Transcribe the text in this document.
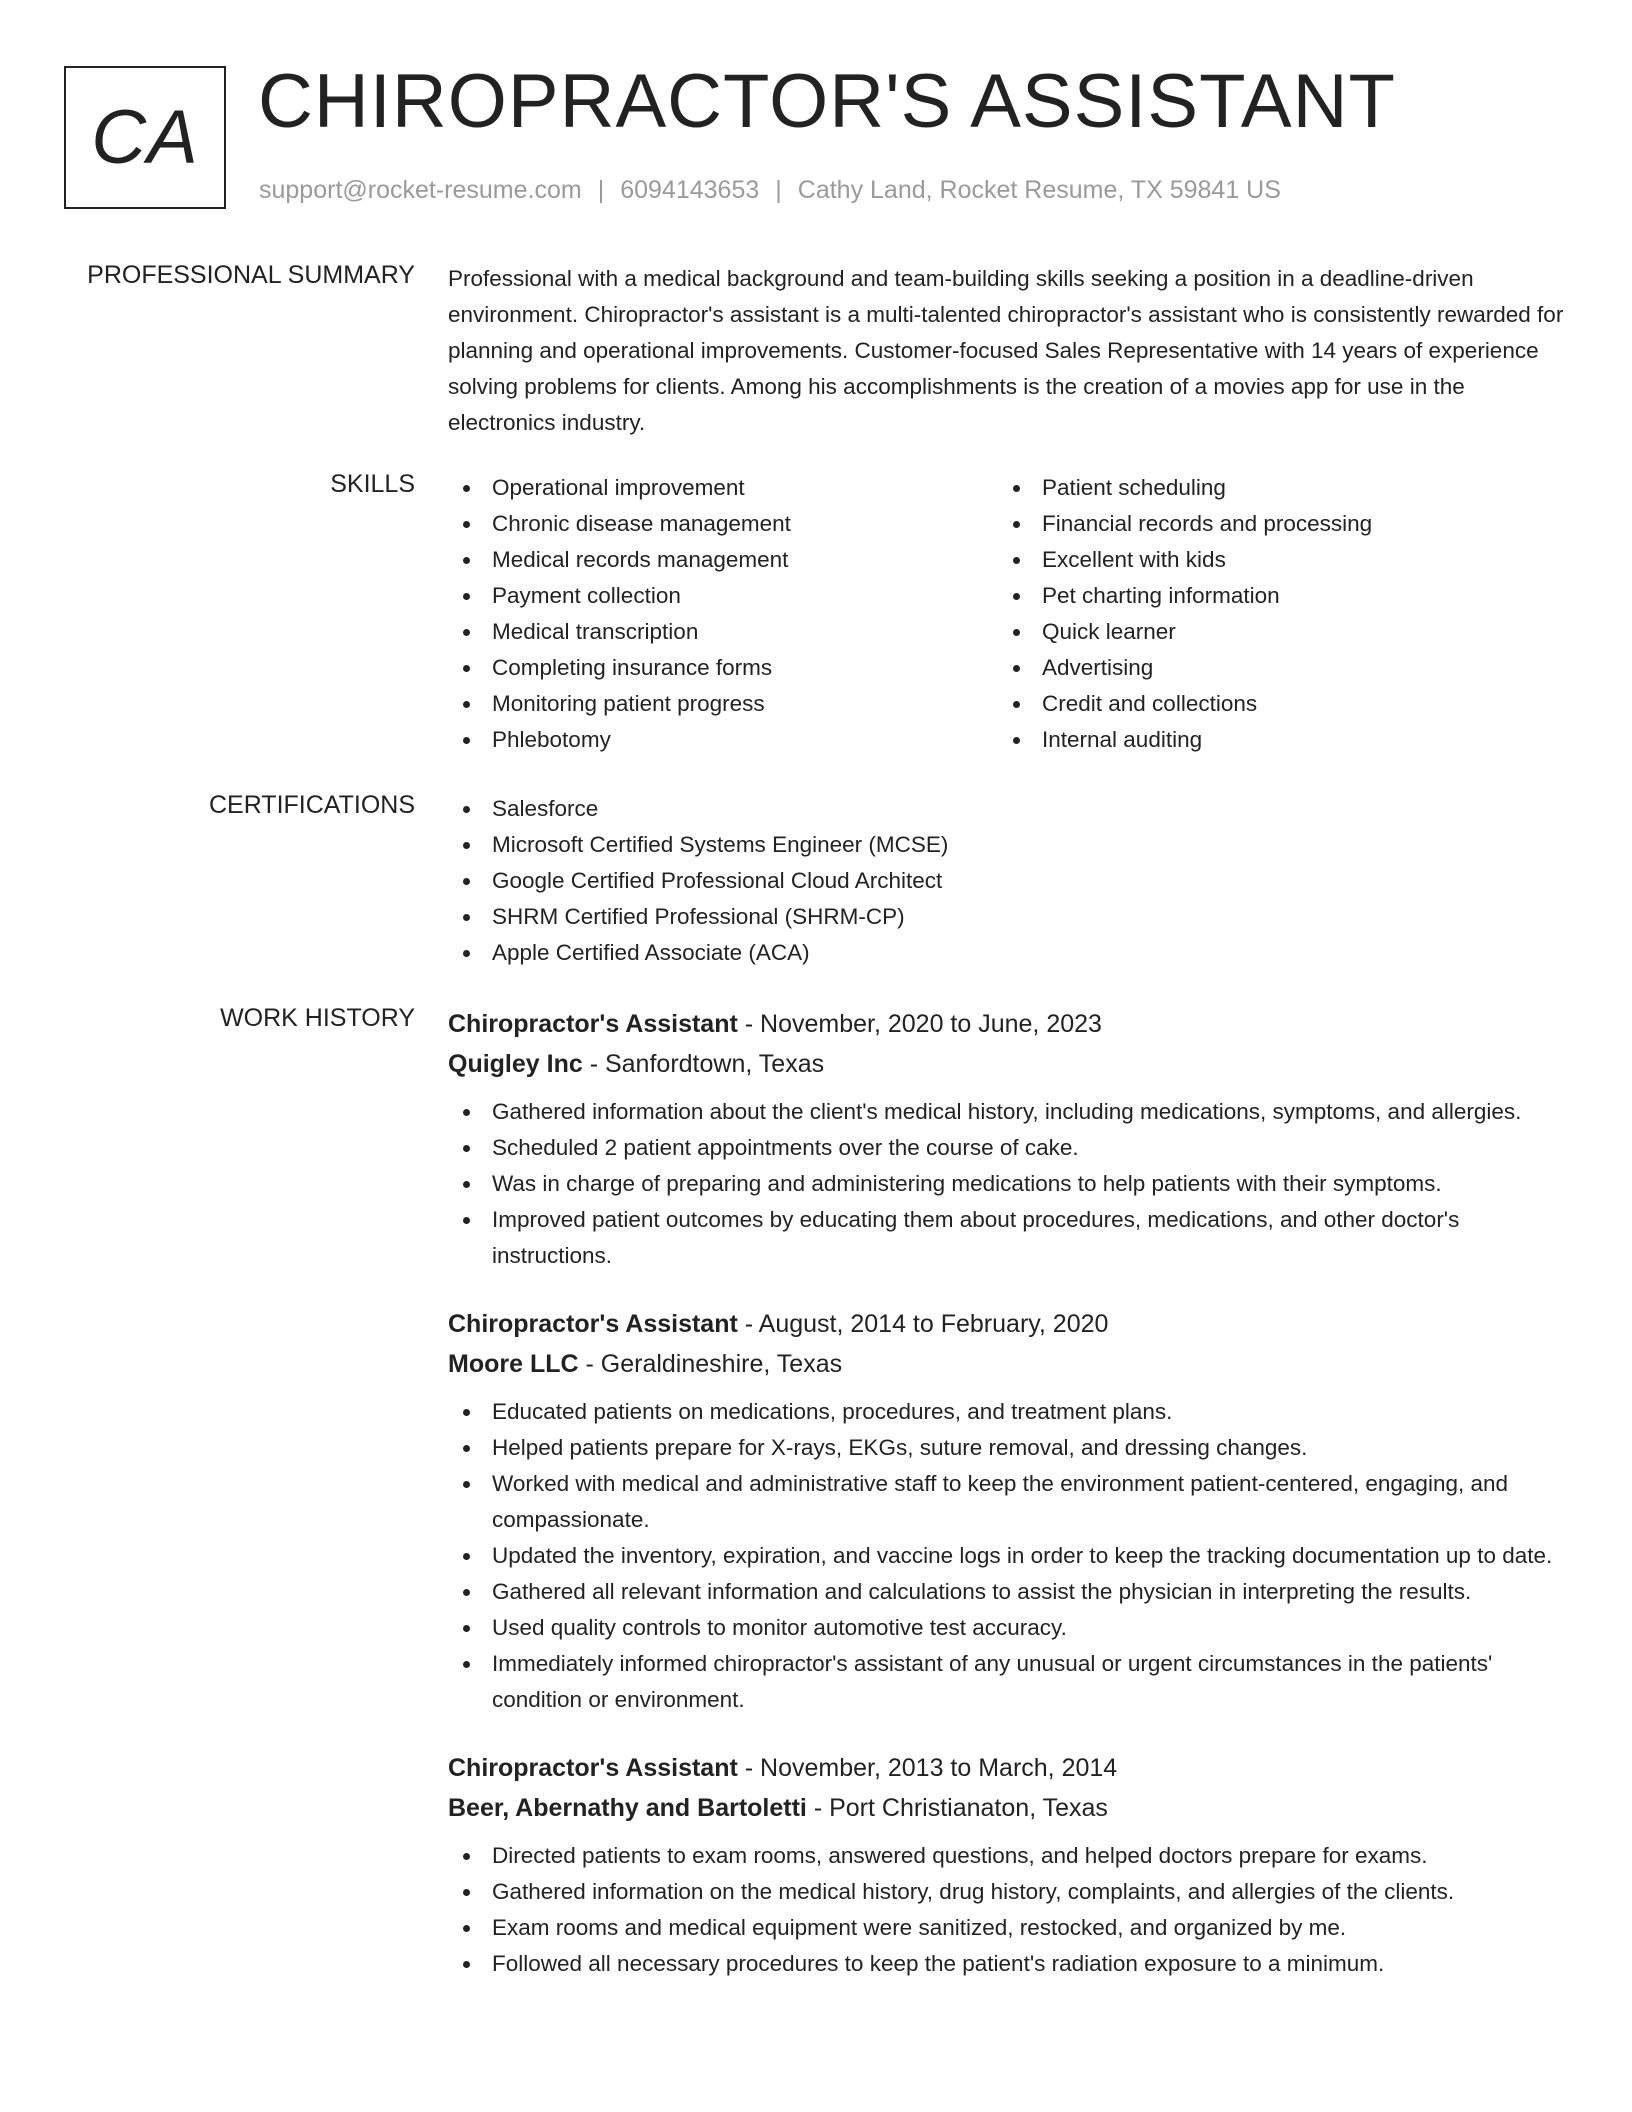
CA CHIROPRACTOR'S ASSISTANT
support@rocket-resume.com | 6094143653 | Cathy Land, Rocket Resume, TX 59841 US
PROFESSIONAL SUMMARY Professional with a medical background and team-building skills seeking a position in a deadline-driven environment. Chiropractor's assistant is a multi-talented chiropractor's assistant who is consistently rewarded for planning and operational improvements. Customer-focused Sales Representative with 14 years of experience solving problems for clients. Among his accomplishments is the creation of a movies app for use in the electronics industry.
SKILLS	Operational improvement
Chronic disease management
Medical records management
Payment collection
Medical transcription
Completing insurance forms
Monitoring patient progress
Phlebotomy
Patient scheduling
Financial records and processing
Excellent with kids
Pet charting information
Quick learner
Advertising
Credit and collections
Internal auditing
CERTIFICATIONS	Salesforce
Microsoft Certified Systems Engineer (MCSE)
Google Certified Professional Cloud Architect
SHRM Certified Professional (SHRM-CP)
Apple Certified Associate (ACA)
WORK HISTORY Chiropractor's Assistant - November, 2020 to June, 2023
Quigley Inc - Sanfordtown, Texas
Gathered information about the client's medical history, including medications, symptoms, and allergies.
Scheduled 2 patient appointments over the course of cake.
Was in charge of preparing and administering medications to help patients with their symptoms.
Improved patient outcomes by educating them about procedures, medications, and other doctor's instructions.
Chiropractor's Assistant - August, 2014 to February, 2020
Moore LLC - Geraldineshire, Texas
Educated patients on medications, procedures, and treatment plans.
Helped patients prepare for X-rays, EKGs, suture removal, and dressing changes.
Worked with medical and administrative staff to keep the environment patient-centered, engaging, and compassionate.
Updated the inventory, expiration, and vaccine logs in order to keep the tracking documentation up to date.
Gathered all relevant information and calculations to assist the physician in interpreting the results.
Used quality controls to monitor automotive test accuracy.
Immediately informed chiropractor's assistant of any unusual or urgent circumstances in the patients' condition or environment.
Chiropractor's Assistant - November, 2013 to March, 2014
Beer, Abernathy and Bartoletti - Port Christianaton, Texas
Directed patients to exam rooms, answered questions, and helped doctors prepare for exams.
Gathered information on the medical history, drug history, complaints, and allergies of the clients.
Exam rooms and medical equipment were sanitized, restocked, and organized by me.
Followed all necessary procedures to keep the patient's radiation exposure to a minimum.
